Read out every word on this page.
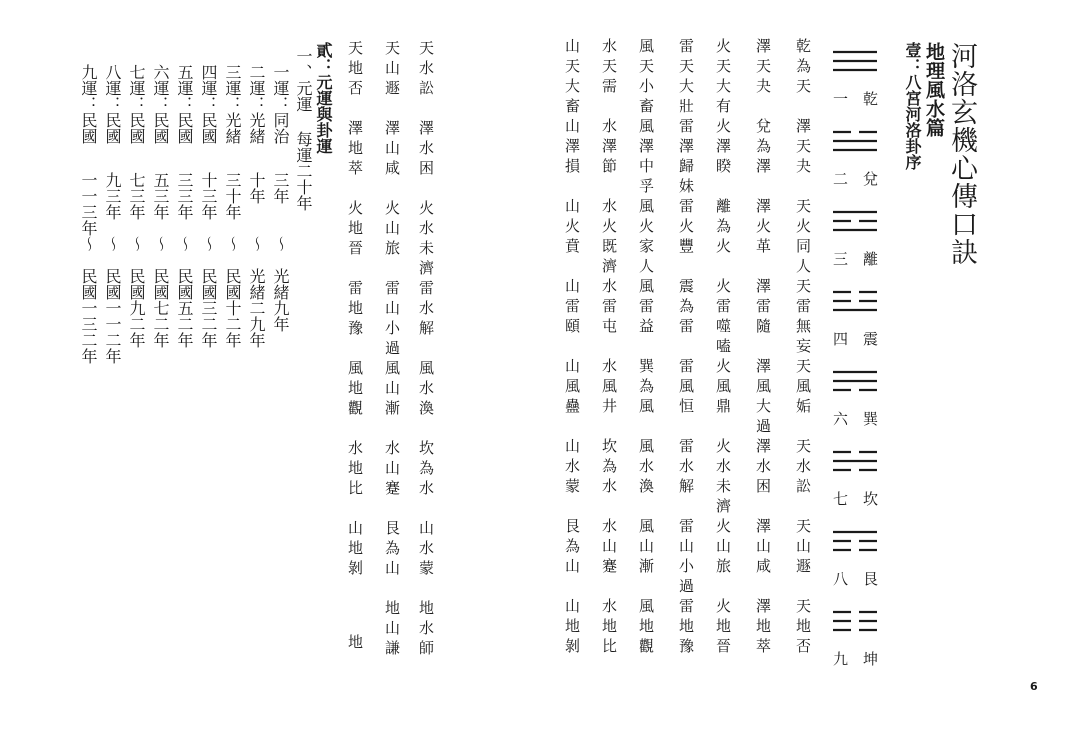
河洛玄機心傳口訣
地理風水篇
壹：八宮河洛卦序
一 乾
乾為天
澤天夬
火天大有
雷天大壯
風天小畜
水天需
山天大畜
二 兌
澤天夬
兌為澤
火澤睽
雷澤歸妹
風澤中孚
水澤節
山澤損
三 離
天火同人
澤火革
離為火
雷火豐
風火家人
水火既濟
山火賁
四 震
天雷無妄
澤雷隨
火雷噬嗑
震為雷
風雷益
水雷屯
山雷頤
六 巽
天風姤
澤風大過
火風鼎
雷風恒
巽為風
水風井
山風蠱
七 坎
天水訟
澤水困
火水未濟
雷水解
風水渙
坎為水
山水蒙
八 艮
天山遯
澤山咸
火山旅
雷山小過
風山漸
水山蹇
艮為山
九 坤
天地否
澤地萃
火地晉
雷地豫
風地觀
水地比
山地剝
6
天水訟
天山遯
天地否
澤水困
澤山咸
澤地萃
火水未濟
火山旅
火地晉
雷水解
雷山小過
雷地豫
風水渙
風山漸
風地觀
坎為水
水山蹇
水地比
山水蒙
艮為山
山地剝
地水師
地山謙
地
貳：元運與卦運
一、元運 每運二十年
一運：同治
三年
～
光緒九年
二運：光緒
十年
～
光緒二九年
三運：光緒
三十年
～
民國十二年
四運：民國
十三年
～
民國三二年
五運：民國
三三年
～
民國五二年
六運：民國
五三年
～
民國七二年
七運：民國
七三年
～
民國九二年
八運：民國
九三年
～
民國一一二年
九運：民國
一一三年
～
民國一三二年
